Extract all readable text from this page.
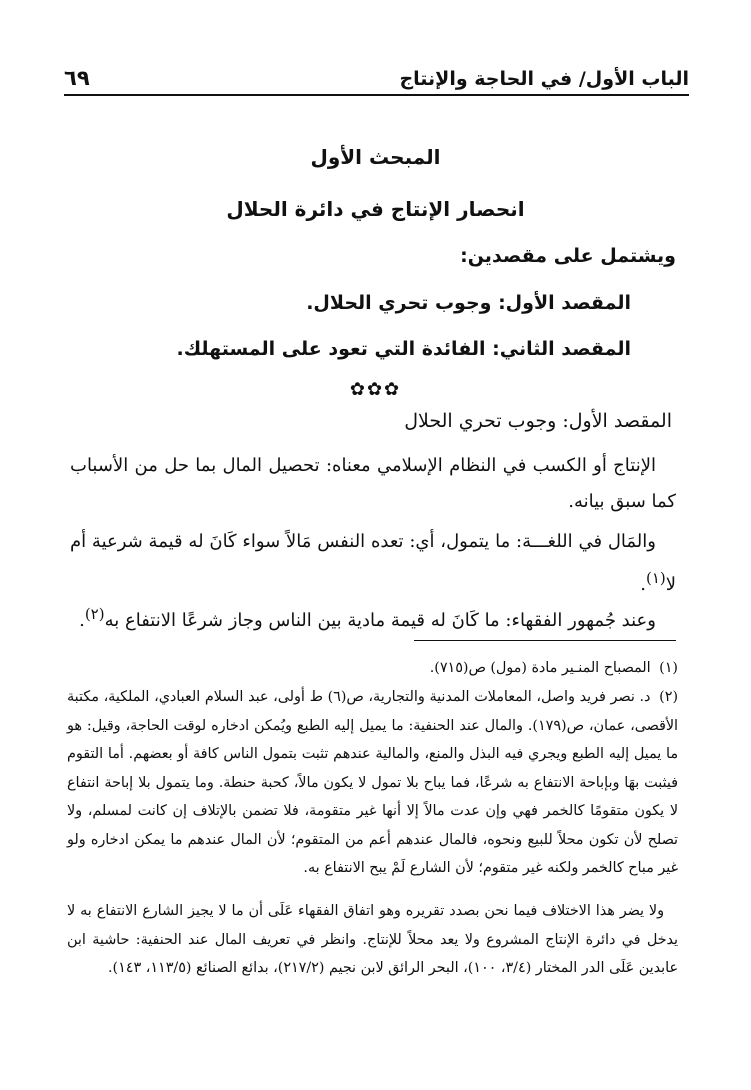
الباب الأول/ في الحاجة والإنتاج
٦٩
المبحث الأول
انحصار الإنتاج في دائرة الحلال
ويشتمل على مقصدين:
المقصد الأول: وجوب تحري الحلال.
المقصد الثاني: الفائدة التي تعود على المستهلك.
✿✿✿
المقصد الأول: وجوب تحري الحلال
الإنتاج أو الكسب في النظام الإسلامي معناه: تحصيل المال بما حل من الأسباب كما سبق بيانه.
والمَال في اللغـــة: ما يتمول، أي: تعده النفس مَالاً سواء كَانَ له قيمة شرعية أم لا$^{(١)}$.
وعند جُمهور الفقهاء: ما كَانَ له قيمة مادية بين الناس وجاز شرعًا الانتفاع به$^{(٢)}$.
(١) المصباح المنـير مادة (مول) ص(٧١٥).
(٢) د. نصر فريد واصل، المعاملات المدنية والتجارية، ص(٦) ط أولى، عبد السلام العبادي، الملكية، مكتبة الأقصى، عمان، ص(١٧٩). والمال عند الحنفية: ما يميل إليه الطبع ويُمكن ادخاره لوقت الحاجة، وقيل: هو ما يميل إليه الطبع ويجري فيه البذل والمنع، والمالية عندهم تثبت بتمول الناس كافة أو بعضهم. أما التقوم فيثبت بهَا وبإباحة الانتفاع به شرعًا، فما يباح بلا تمول لا يكون مالاً، كحبة حنطة. وما يتمول بلا إباحة انتفاع لا يكون متقومًا كالخمر فهي وإن عدت مالاً إلا أنها غير متقومة، فلا تضمن بالإتلاف إن كانت لمسلم، ولا تصلح لأن تكون محلاً للبيع ونحوه، فالمال عندهم أعم من المتقوم؛ لأن المال عندهم ما يمكن ادخاره ولو غير مباح كالخمر ولكنه غير متقوم؛ لأن الشارع لَمْ يبح الانتفاع به.
ولا يضر هذا الاختلاف فيما نحن بصدد تقريره وهو اتفاق الفقهاء عَلَى أن ما لا يجيز الشارع الانتفاع به لا يدخل في دائرة الإنتاج المشروع ولا يعد محلاً للإنتاج. وانظر في تعريف المال عند الحنفية: حاشية ابن عابدين عَلَى الدر المختار (٣/٤، ١٠٠)، البحر الرائق لابن نجيم (٢١٧/٢)، بدائع الصنائع (١١٣/٥، ١٤٣).
